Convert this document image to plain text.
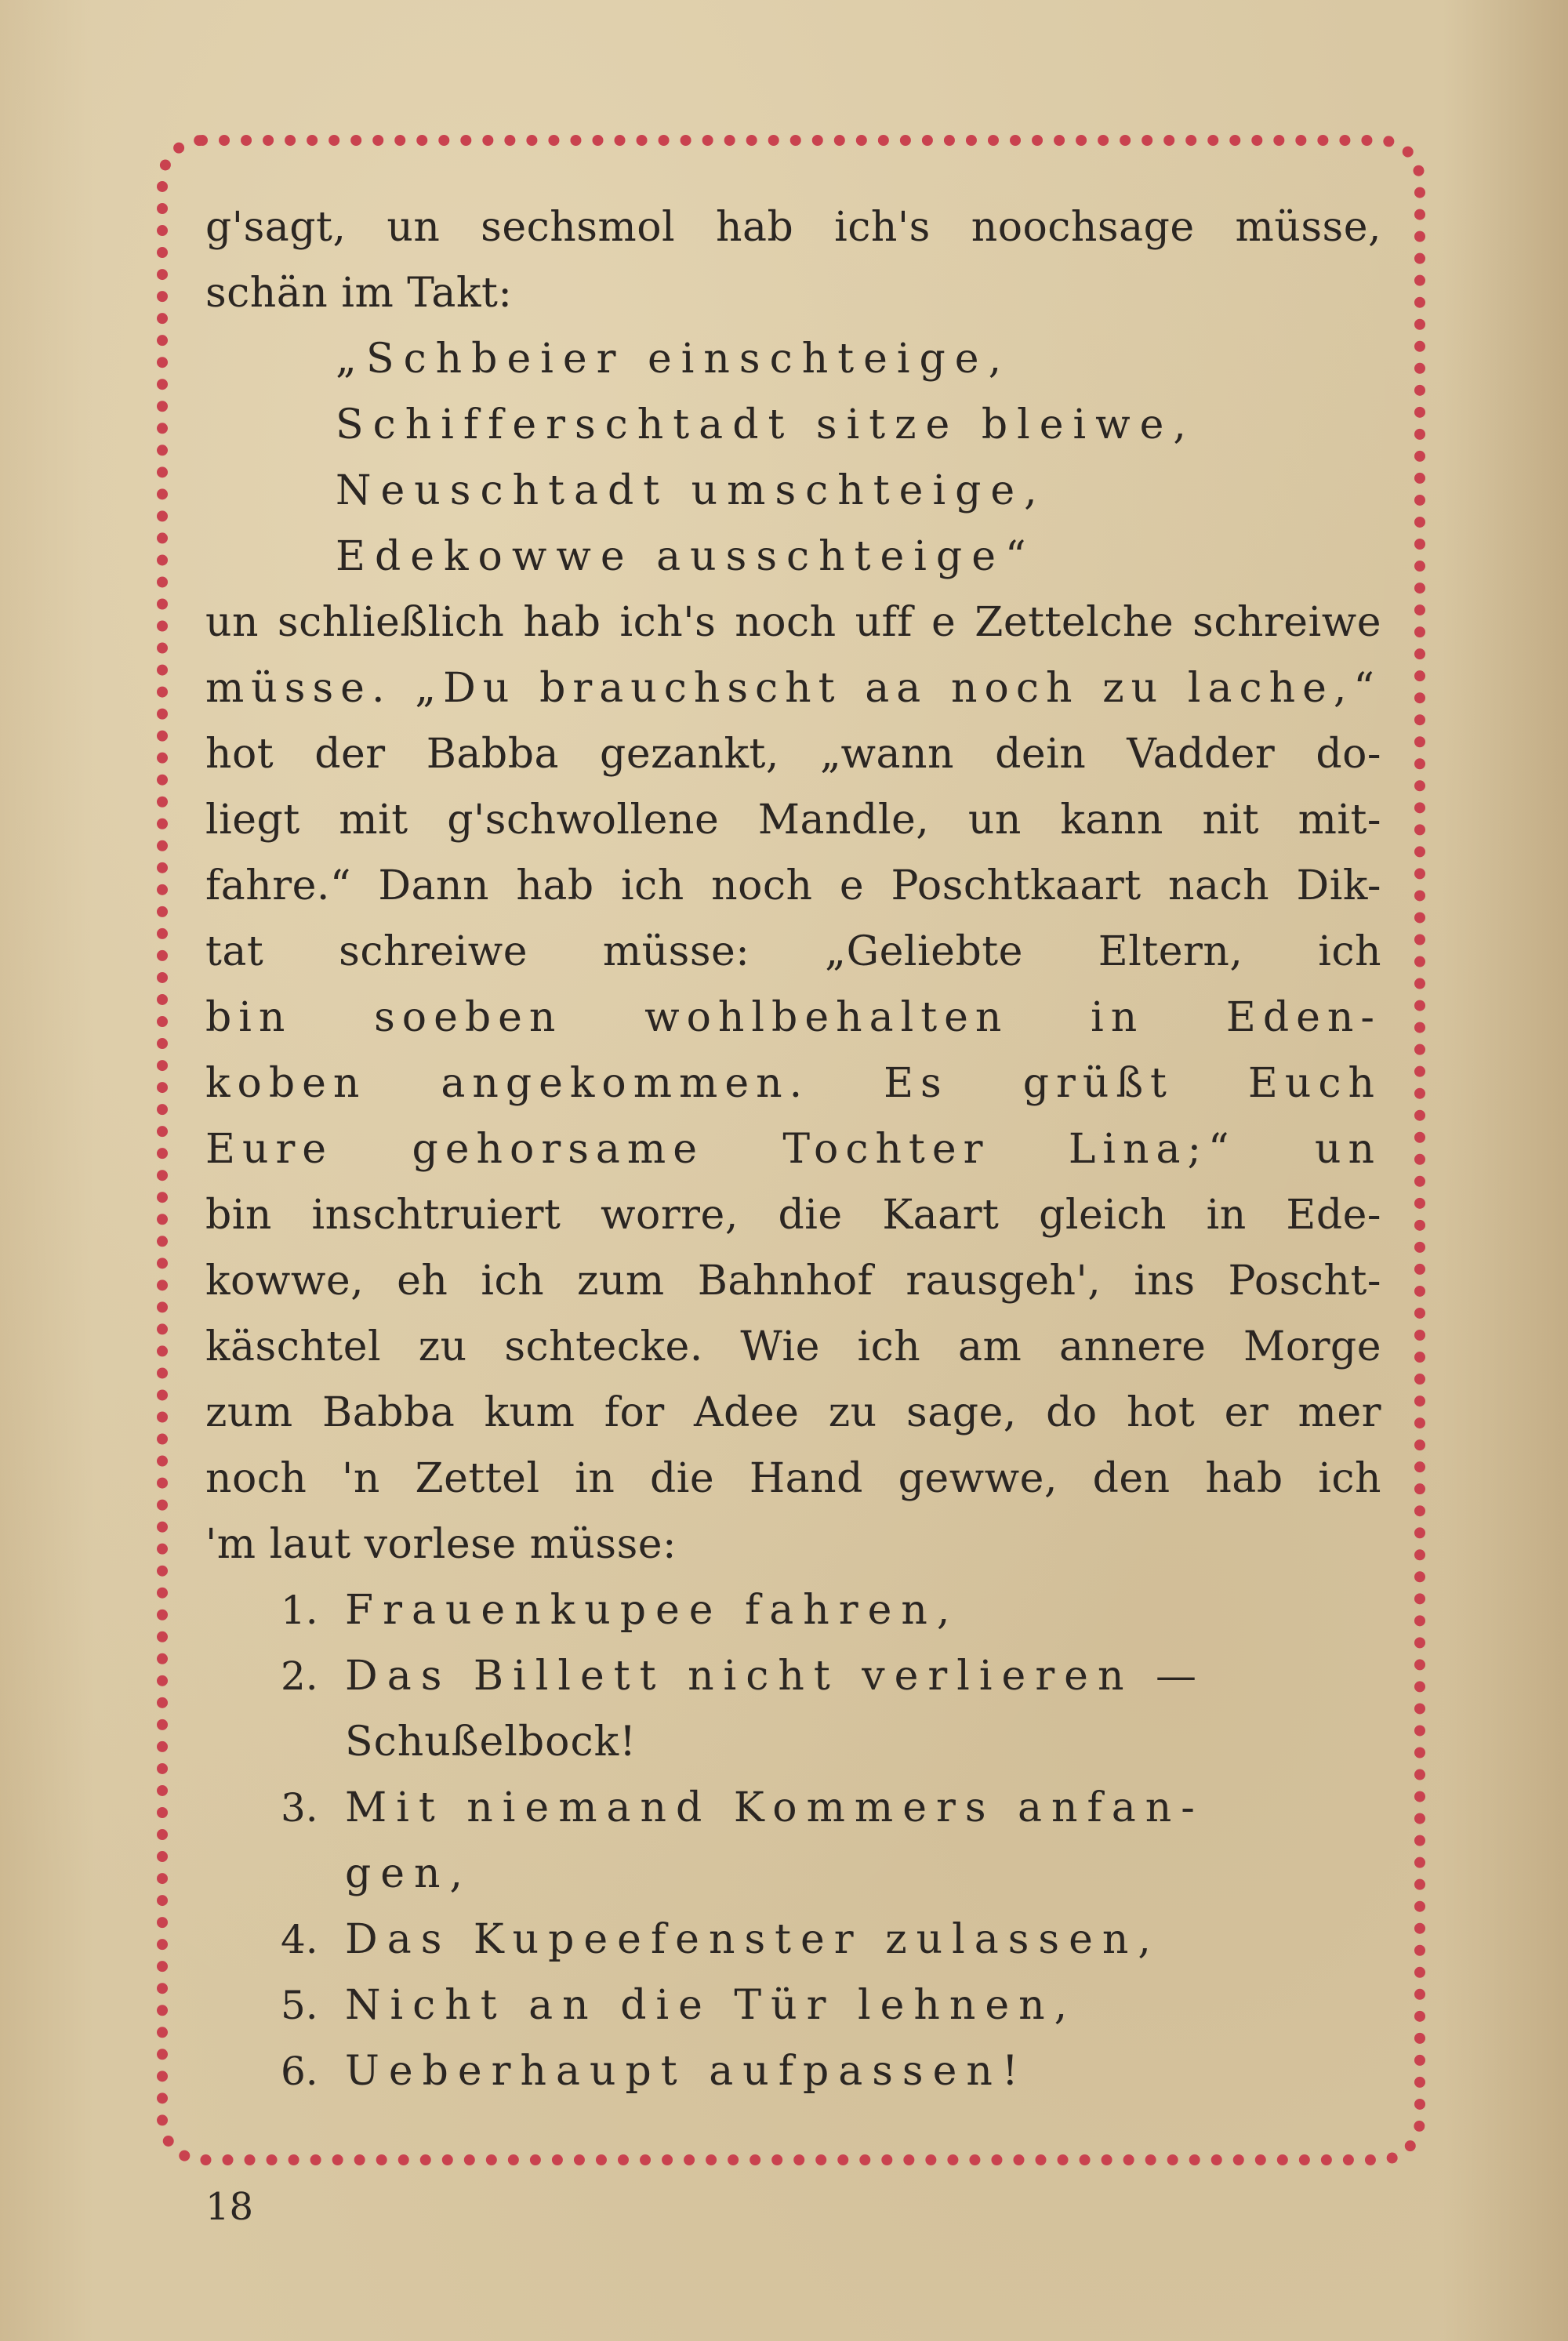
g'sagt, un sechsmol hab ich's noochsage müsse,
schän im Takt:
„Schbeier einschteige,
Schifferschtadt sitze bleiwe,
Neuschtadt umschteige,
Edekowwe ausschteige“
un schließlich hab ich's noch uff e Zettelche schreiwe
müsse. „Du brauchscht aa noch zu lache,“
hot der Babba gezankt, „wann dein Vadder do-
liegt mit g'schwollene Mandle, un kann nit mit-
fahre.“ Dann hab ich noch e Poschtkaart nach Dik-
tat schreiwe müsse: „Geliebte Eltern, ich
bin soeben wohlbehalten in Eden-
koben angekommen. Es grüßt Euch
Eure gehorsame Tochter Lina;“ un
bin inschtruiert worre, die Kaart gleich in Ede-
kowwe, eh ich zum Bahnhof rausgeh', ins Poscht-
käschtel zu schtecke. Wie ich am annere Morge
zum Babba kum for Adee zu sage, do hot er mer
noch 'n Zettel in die Hand gewwe, den hab ich
'm laut vorlese müsse:
1. Frauenkupee fahren,
2. Das Billett nicht verlieren —
Schußelbock!
3. Mit niemand Kommers anfan-
gen,
4. Das Kupeefenster zulassen,
5. Nicht an die Tür lehnen,
6. Ueberhaupt aufpassen!
18
